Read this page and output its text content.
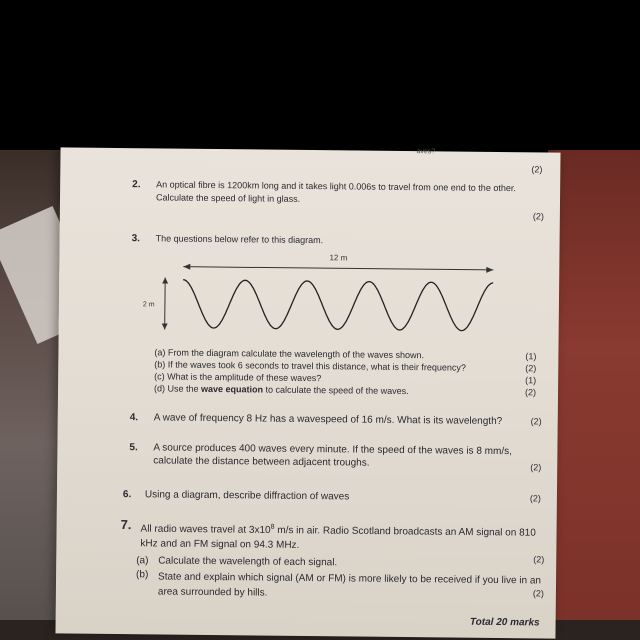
aves?
(2)
2. An optical fibre is 1200km long and it takes light 0.006s to travel from one end to the other. Calculate the speed of light in glass.
(2)
3. The questions below refer to this diagram.
12 m
2 m
(a) From the diagram calculate the wavelength of the waves shown.	(1)
(b) If the waves took 6 seconds to travel this distance, what is their frequency?	(2)
(c) What is the amplitude of these waves?	(1)
(d) Use the wave equation to calculate the speed of the waves.	(2)
4. A wave of frequency 8 Hz has a wavespeed of 16 m/s. What is its wavelength?	(2)
5. A source produces 400 waves every minute. If the speed of the waves is 8 mm/s, calculate the distance between adjacent troughs.	(2)
6. Using a diagram, describe diffraction of waves	(2)
7. All radio waves travel at $3x10^8$ m/s in air. Radio Scotland broadcasts an AM signal on 810 kHz and an FM signal on 94.3 MHz.
(a) Calculate the wavelength of each signal.	(2)
(b) State and explain which signal (AM or FM) is more likely to be received if you live in an area surrounded by hills.	(2)
Total 20 marks
